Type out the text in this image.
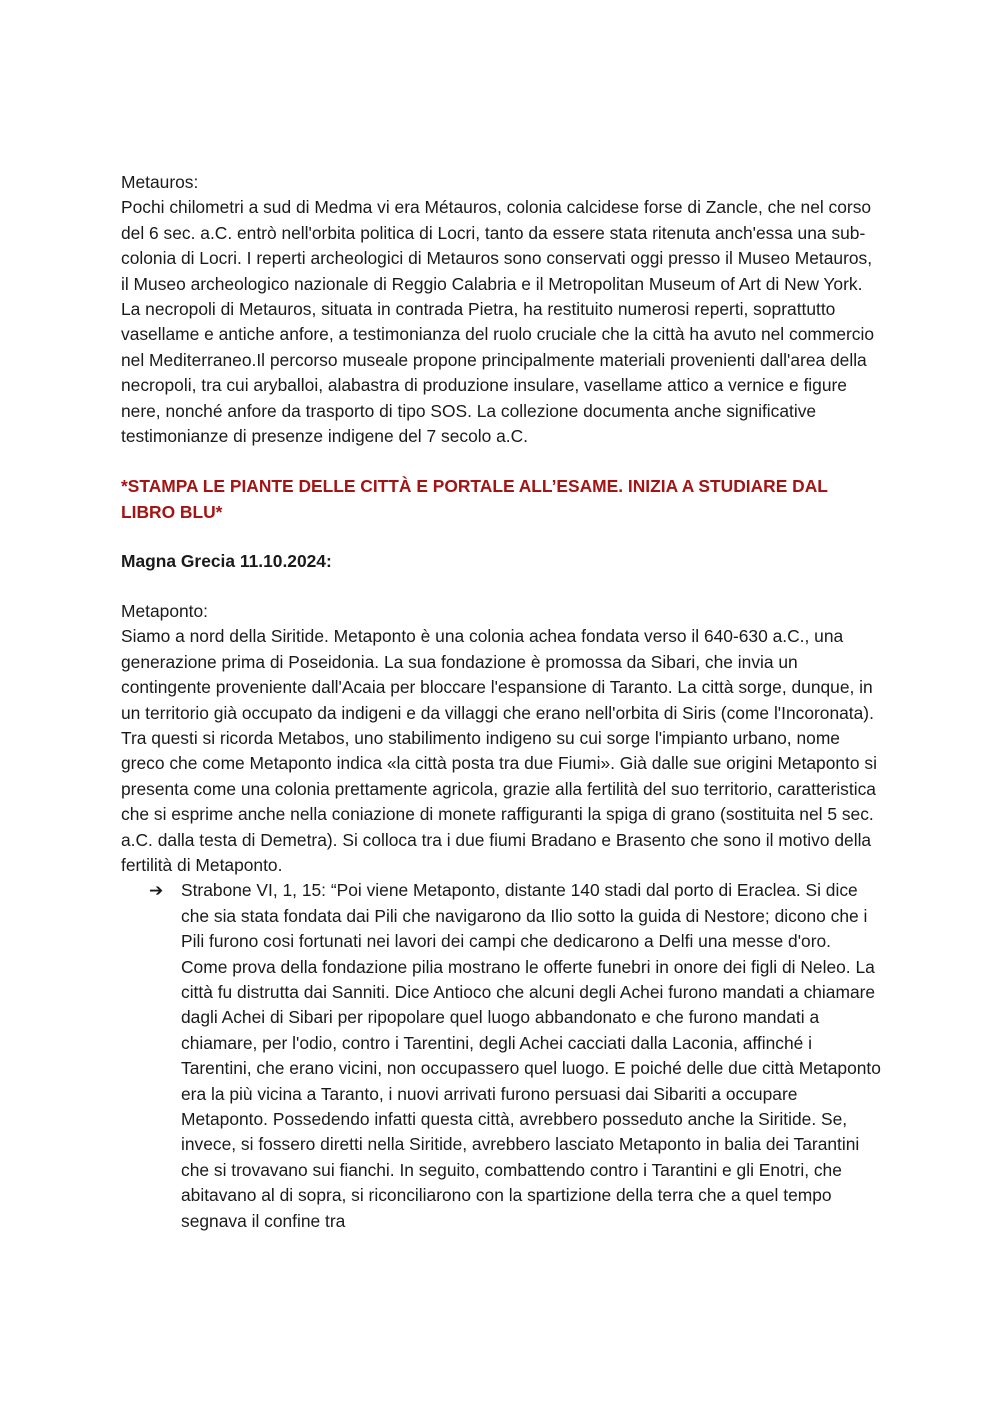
Metauros:

Pochi chilometri a sud di Medma vi era Métauros, colonia calcidese forse di Zancle, che nel corso del 6 sec. a.C. entrò nell'orbita politica di Locri, tanto da essere stata ritenuta anch'essa una sub-colonia di Locri. I reperti archeologici di Metauros sono conservati oggi presso il Museo Metauros, il Museo archeologico nazionale di Reggio Calabria e il Metropolitan Museum of Art di New York. La necropoli di Metauros, situata in contrada Pietra, ha restituito numerosi reperti, soprattutto vasellame e antiche anfore, a testimonianza del ruolo cruciale che la città ha avuto nel commercio nel Mediterraneo.Il percorso museale propone principalmente materiali provenienti dall'area della necropoli, tra cui aryballoi, alabastra di produzione insulare, vasellame attico a vernice e figure nere, nonché anfore da trasporto di tipo SOS. La collezione documenta anche significative testimonianze di presenze indigene del 7 secolo a.C.

*STAMPA LE PIANTE DELLE CITTÀ E PORTALE ALL’ESAME. INIZIA A STUDIARE DAL LIBRO BLU*

Magna Grecia 11.10.2024:

Metaponto:

Siamo a nord della Siritide. Metaponto è una colonia achea fondata verso il 640-630 a.C., una generazione prima di Poseidonia. La sua fondazione è promossa da Sibari, che invia un contingente proveniente dall'Acaia per bloccare l'espansione di Taranto. La città sorge, dunque, in un territorio già occupato da indigeni e da villaggi che erano nell'orbita di Siris (come l'Incoronata). Tra questi si ricorda Metabos, uno stabilimento indigeno su cui sorge l'impianto urbano, nome greco che come Metaponto indica «la città posta tra due Fiumi». Già dalle sue origini Metaponto si presenta come una colonia prettamente agricola, grazie alla fertilità del suo territorio, caratteristica che si esprime anche nella coniazione di monete raffiguranti la spiga di grano (sostituita nel 5 sec. a.C. dalla testa di Demetra). Si colloca tra i due fiumi Bradano e Brasento che sono il motivo della fertilità di Metaponto.

➔ Strabone VI, 1, 15: “Poi viene Metaponto, distante 140 stadi dal porto di Eraclea. Si dice che sia stata fondata dai Pili che navigarono da Ilio sotto la guida di Nestore; dicono che i Pili furono cosi fortunati nei lavori dei campi che dedicarono a Delfi una messe d'oro. Come prova della fondazione pilia mostrano le offerte funebri in onore dei figli di Neleo. La città fu distrutta dai Sanniti. Dice Antioco che alcuni degli Achei furono mandati a chiamare dagli Achei di Sibari per ripopolare quel luogo abbandonato e che furono mandati a chiamare, per l'odio, contro i Tarentini, degli Achei cacciati dalla Laconia, affinché i Tarentini, che erano vicini, non occupassero quel luogo. E poiché delle due città Metaponto era la più vicina a Taranto, i nuovi arrivati furono persuasi dai Sibariti a occupare Metaponto. Possedendo infatti questa città, avrebbero posseduto anche la Siritide. Se, invece, si fossero diretti nella Siritide, avrebbero lasciato Metaponto in balia dei Tarantini che si trovavano sui fianchi. In seguito, combattendo contro i Tarantini e gli Enotri, che abitavano al di sopra, si riconciliarono con la spartizione della terra che a quel tempo segnava il confine tra
